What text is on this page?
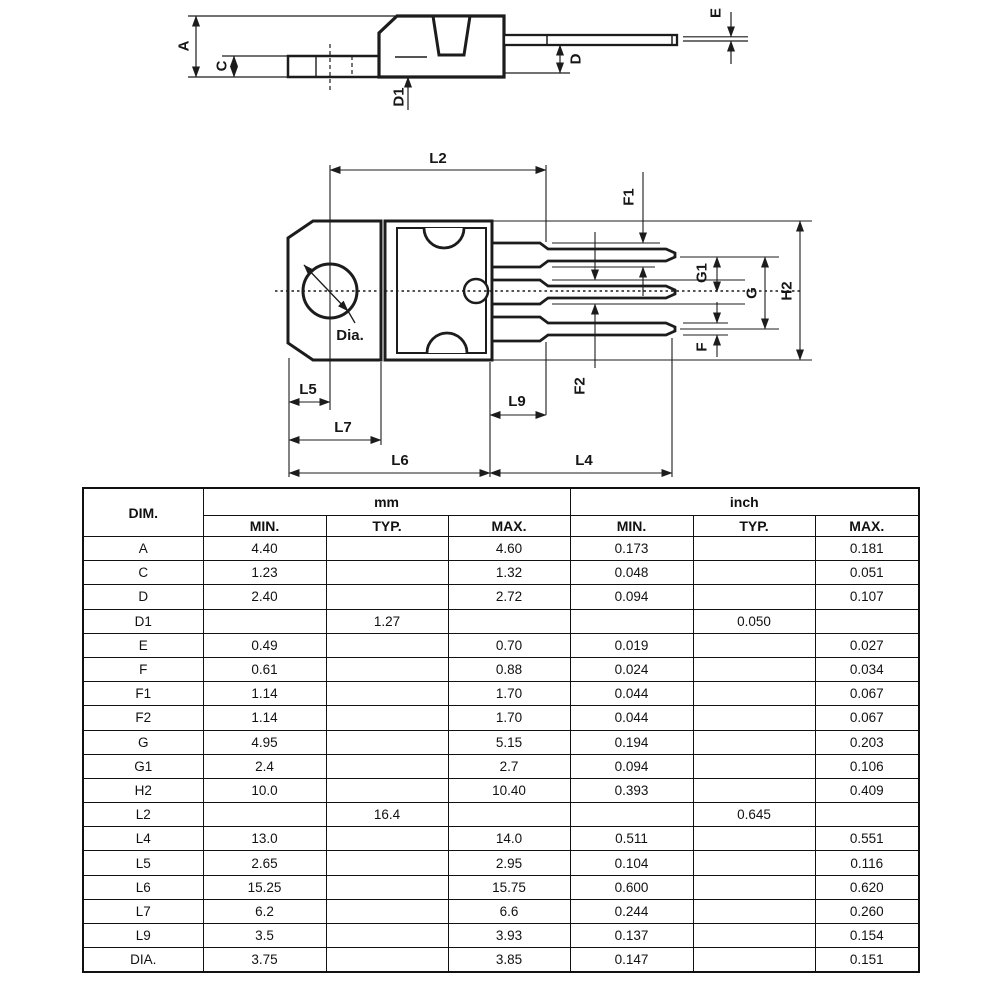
A
C
D1
D
E
L2
F1
G1
G H2
F
F2
Dia.
L5
L7
L9
L6	L4
DIM.	mm			inch		
	MIN.	TYP.	MAX.	MIN.	TYP.	MAX.
A	4.40		4.60	0.173		0.181
C	1.23		1.32	0.048		0.051
D	2.40		2.72	0.094		0.107
D1		1.27			0.050	
E	0.49		0.70	0.019		0.027
F	0.61		0.88	0.024		0.034
F1	1.14		1.70	0.044		0.067
F2	1.14		1.70	0.044		0.067
G	4.95		5.15	0.194		0.203
G1	2.4		2.7	0.094		0.106
H2	10.0		10.40	0.393		0.409
L2		16.4			0.645	
L4	13.0		14.0	0.511		0.551
L5	2.65		2.95	0.104		0.116
L6	15.25		15.75	0.600		0.620
L7	6.2		6.6	0.244		0.260
L9	3.5		3.93	0.137		0.154
DIA.	3.75		3.85	0.147		0.151
